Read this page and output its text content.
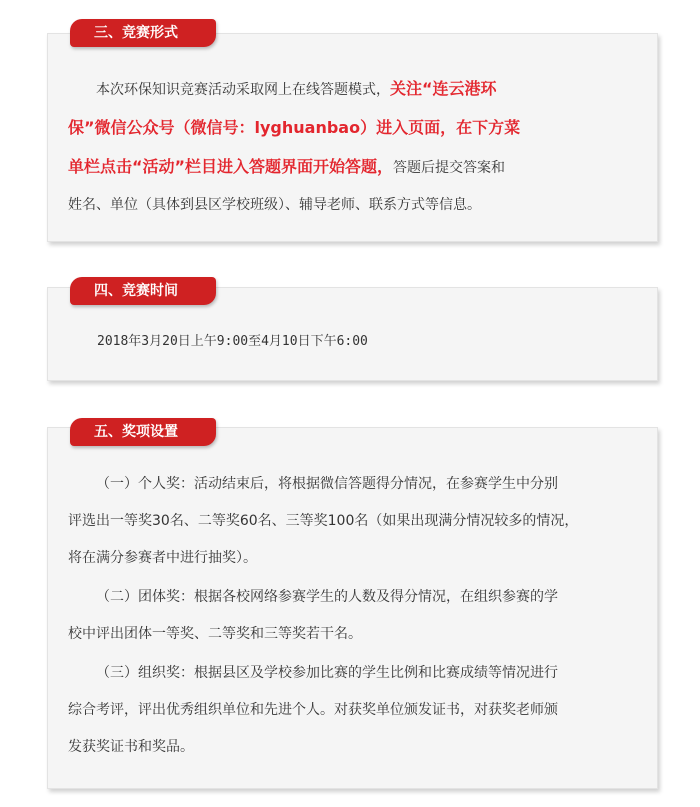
三、竞赛形式
本次环保知识竞赛活动采取网上在线答题模式，关注“连云港环
保”微信公众号（微信号：lyghuanbao）进入页面，在下方菜
单栏点击“活动”栏目进入答题界面开始答题，答题后提交答案和
姓名、单位（具体到县区学校班级）、辅导老师、联系方式等信息。
四、竞赛时间
2018年3月20日上午9:00至4月10日下午6:00
五、奖项设置
（一）个人奖：活动结束后，将根据微信答题得分情况，在参赛学生中分别
评选出一等奖30名、二等奖60名、三等奖100名（如果出现满分情况较多的情况，
将在满分参赛者中进行抽奖）。
（二）团体奖：根据各校网络参赛学生的人数及得分情况，在组织参赛的学
校中评出团体一等奖、二等奖和三等奖若干名。
（三）组织奖：根据县区及学校参加比赛的学生比例和比赛成绩等情况进行
综合考评，评出优秀组织单位和先进个人。对获奖单位颁发证书，对获奖老师颁
发获奖证书和奖品。
